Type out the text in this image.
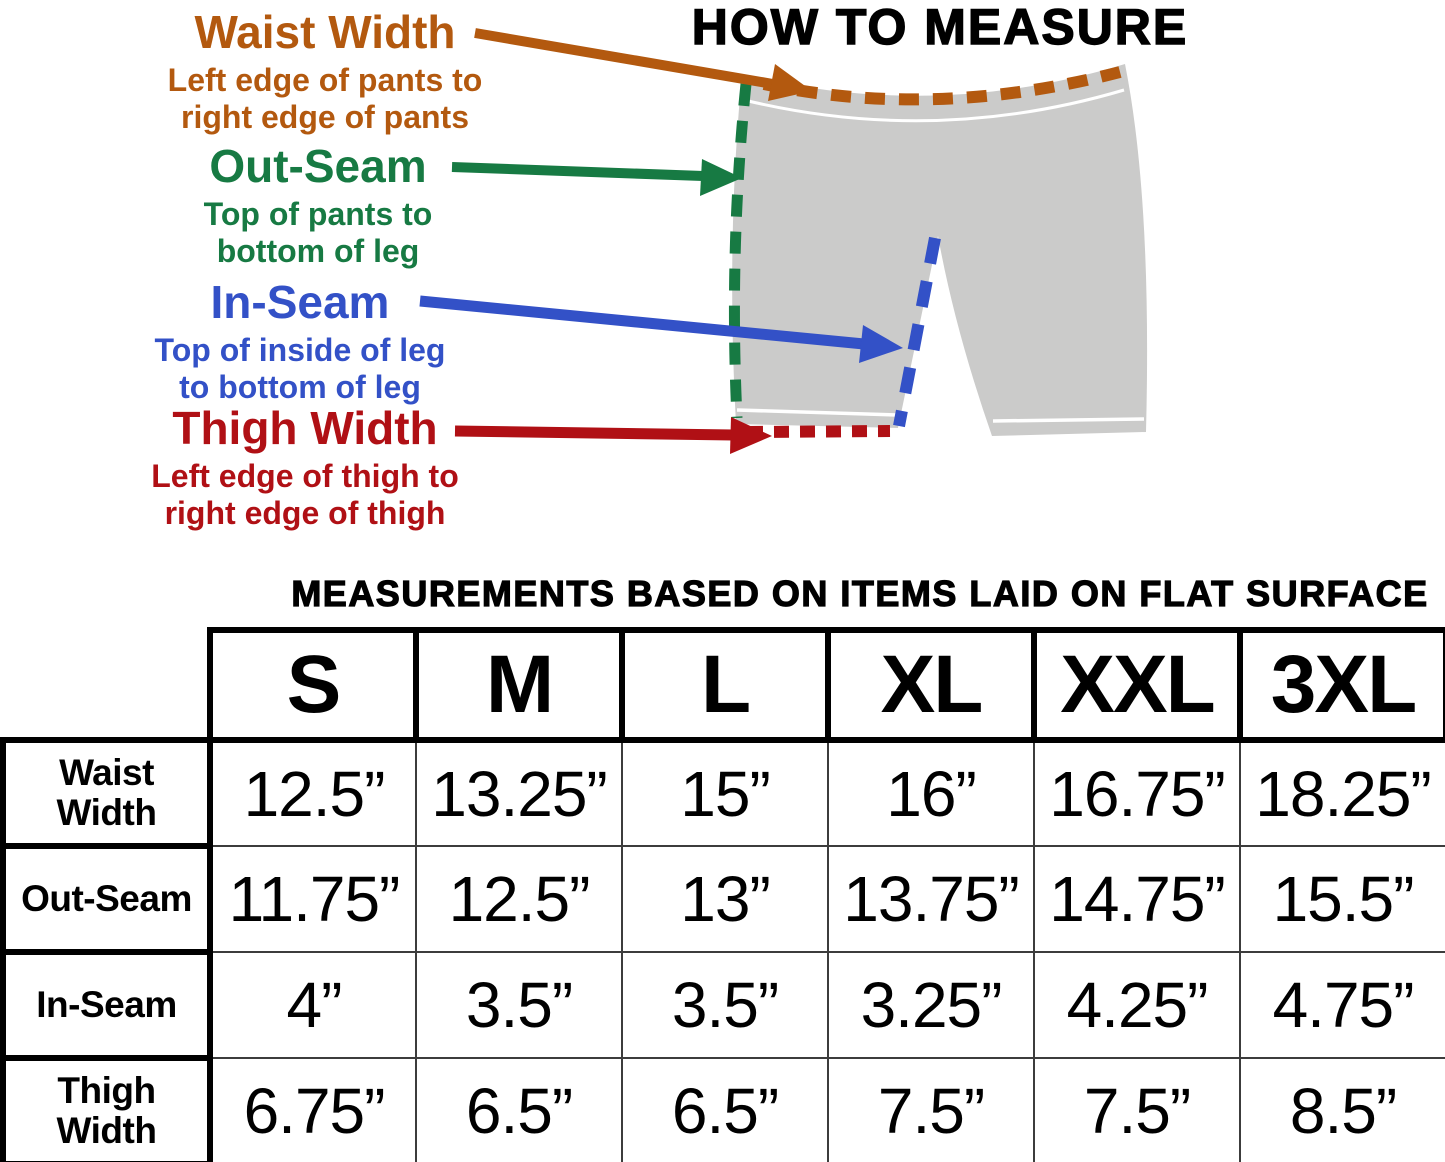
HOW TO MEASURE
Waist Width
Left edge of pants to
right edge of pants
Out-Seam
Top of pants to
bottom of leg
In-Seam
Top of inside of leg
to bottom of leg
Thigh Width
Left edge of thigh to
right edge of thigh
MEASUREMENTS BASED ON ITEMS LAID ON FLAT SURFACE
	S	M	L	XL	XXL	3XL
Waist Width	12.5”	13.25”	15”	16”	16.75”	18.25”
Out-Seam	11.75”	12.5”	13”	13.75”	14.75”	15.5”
In-Seam	4”	3.5”	3.5”	3.25”	4.25”	4.75”
Thigh Width	6.75”	6.5”	6.5”	7.5”	7.5”	8.5”
